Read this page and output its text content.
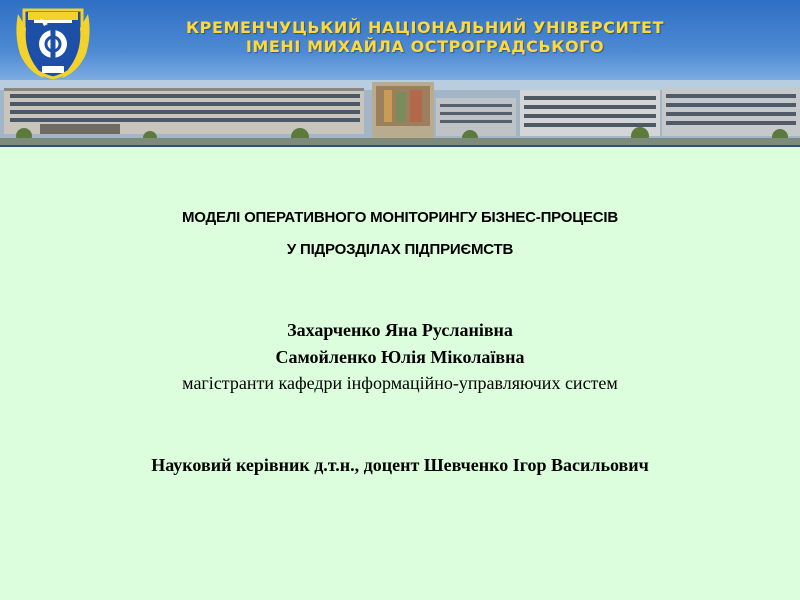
КРЕМЕНЧУЦЬКИЙ НАЦІОНАЛЬНИЙ УНІВЕРСИТЕТ
ІМЕНІ МИХАЙЛА ОСТРОГРАДСЬКОГО
МОДЕЛІ ОПЕРАТИВНОГО МОНІТОРИНГУ БІЗНЕС-ПРОЦЕСІВ
У ПІДРОЗДІЛАХ ПІДПРИЄМСТВ
Захарченко Яна Русланівна
Самойленко Юлія Міколаївна
магістранти кафедри інформаційно-управляючих систем
Науковий керівник д.т.н., доцент Шевченко Ігор Васильович
